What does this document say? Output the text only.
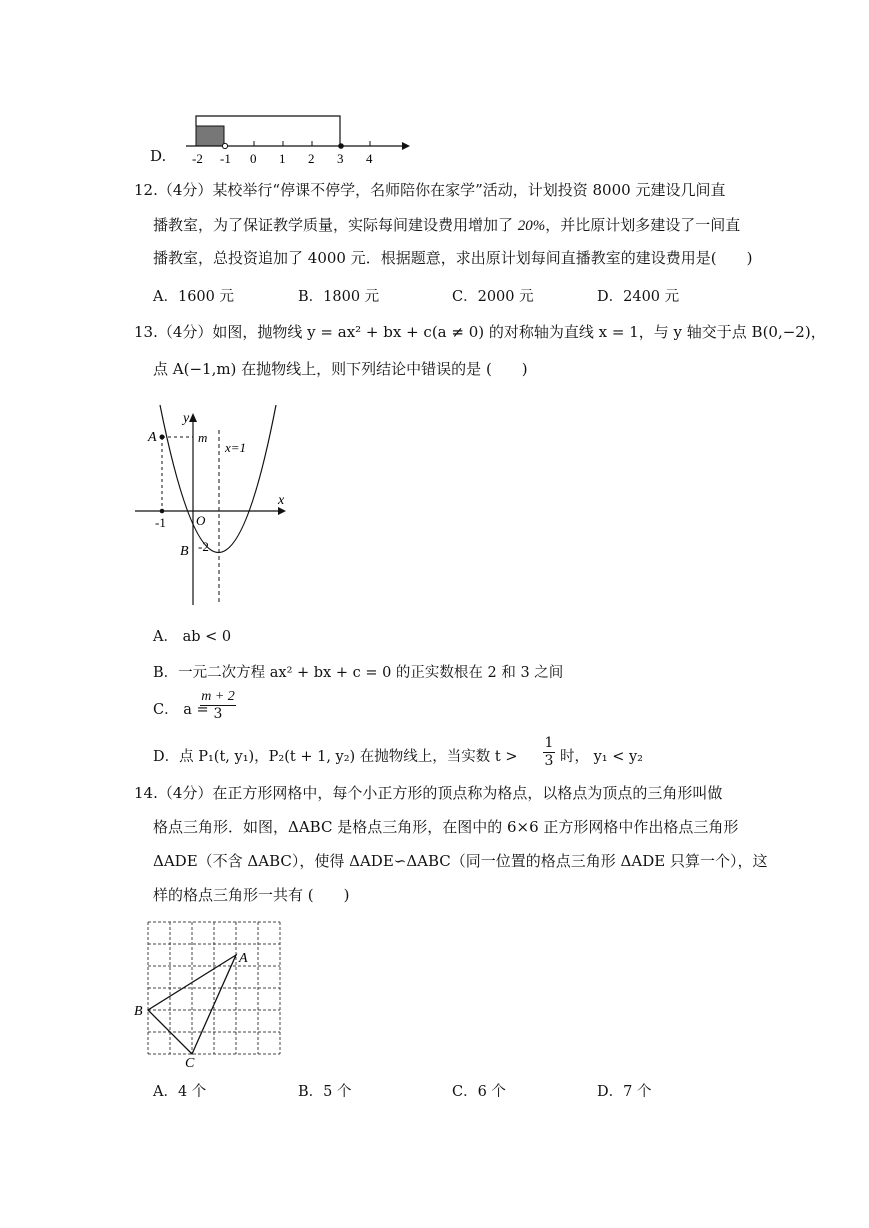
D. -2 -1 0 1 2 3 4
12.（4分）某校举行“停课不停学，名师陪你在家学”活动，计划投资 8000 元建设几间直
播教室，为了保证教学质量，实际每间建设费用增加了 20%，并比原计划多建设了一间直
播教室，总投资追加了 4000 元．根据题意，求出原计划每间直播教室的建设费用是(　　)
A．1600 元	B．1800 元	C．2000 元	D．2400 元
13.（4分）如图，抛物线 y = ax² + bx + c(a ≠ 0) 的对称轴为直线 x = 1，与 y 轴交于点 B(0,−2)，
点 A(−1,m) 在抛物线上，则下列结论中错误的是 (　　)
A
y
m
x=1
x
-1 O
B -2
A． ab < 0
B．一元二次方程 ax² + bx + c = 0 的正实数根在 2 和 3 之间
C． a =
$\frac{m + 2}{3}$
D．点 P₁(t, y₁)，P₂(t + 1, y₂) 在抛物线上，当实数 $t > \frac{1}{3}$ 时， y₁ < y₂
14.（4分）在正方形网格中，每个小正方形的顶点称为格点，以格点为顶点的三角形叫做
格点三角形．如图，ΔABC 是格点三角形，在图中的 6×6 正方形网格中作出格点三角形
ΔADE（不含 ΔABC），使得 ΔADE∽ΔABC（同一位置的格点三角形 ΔADE 只算一个），这
样的格点三角形一共有 (　　)
A
B
C
A．4 个	B．5 个	C．6 个	D．7 个
